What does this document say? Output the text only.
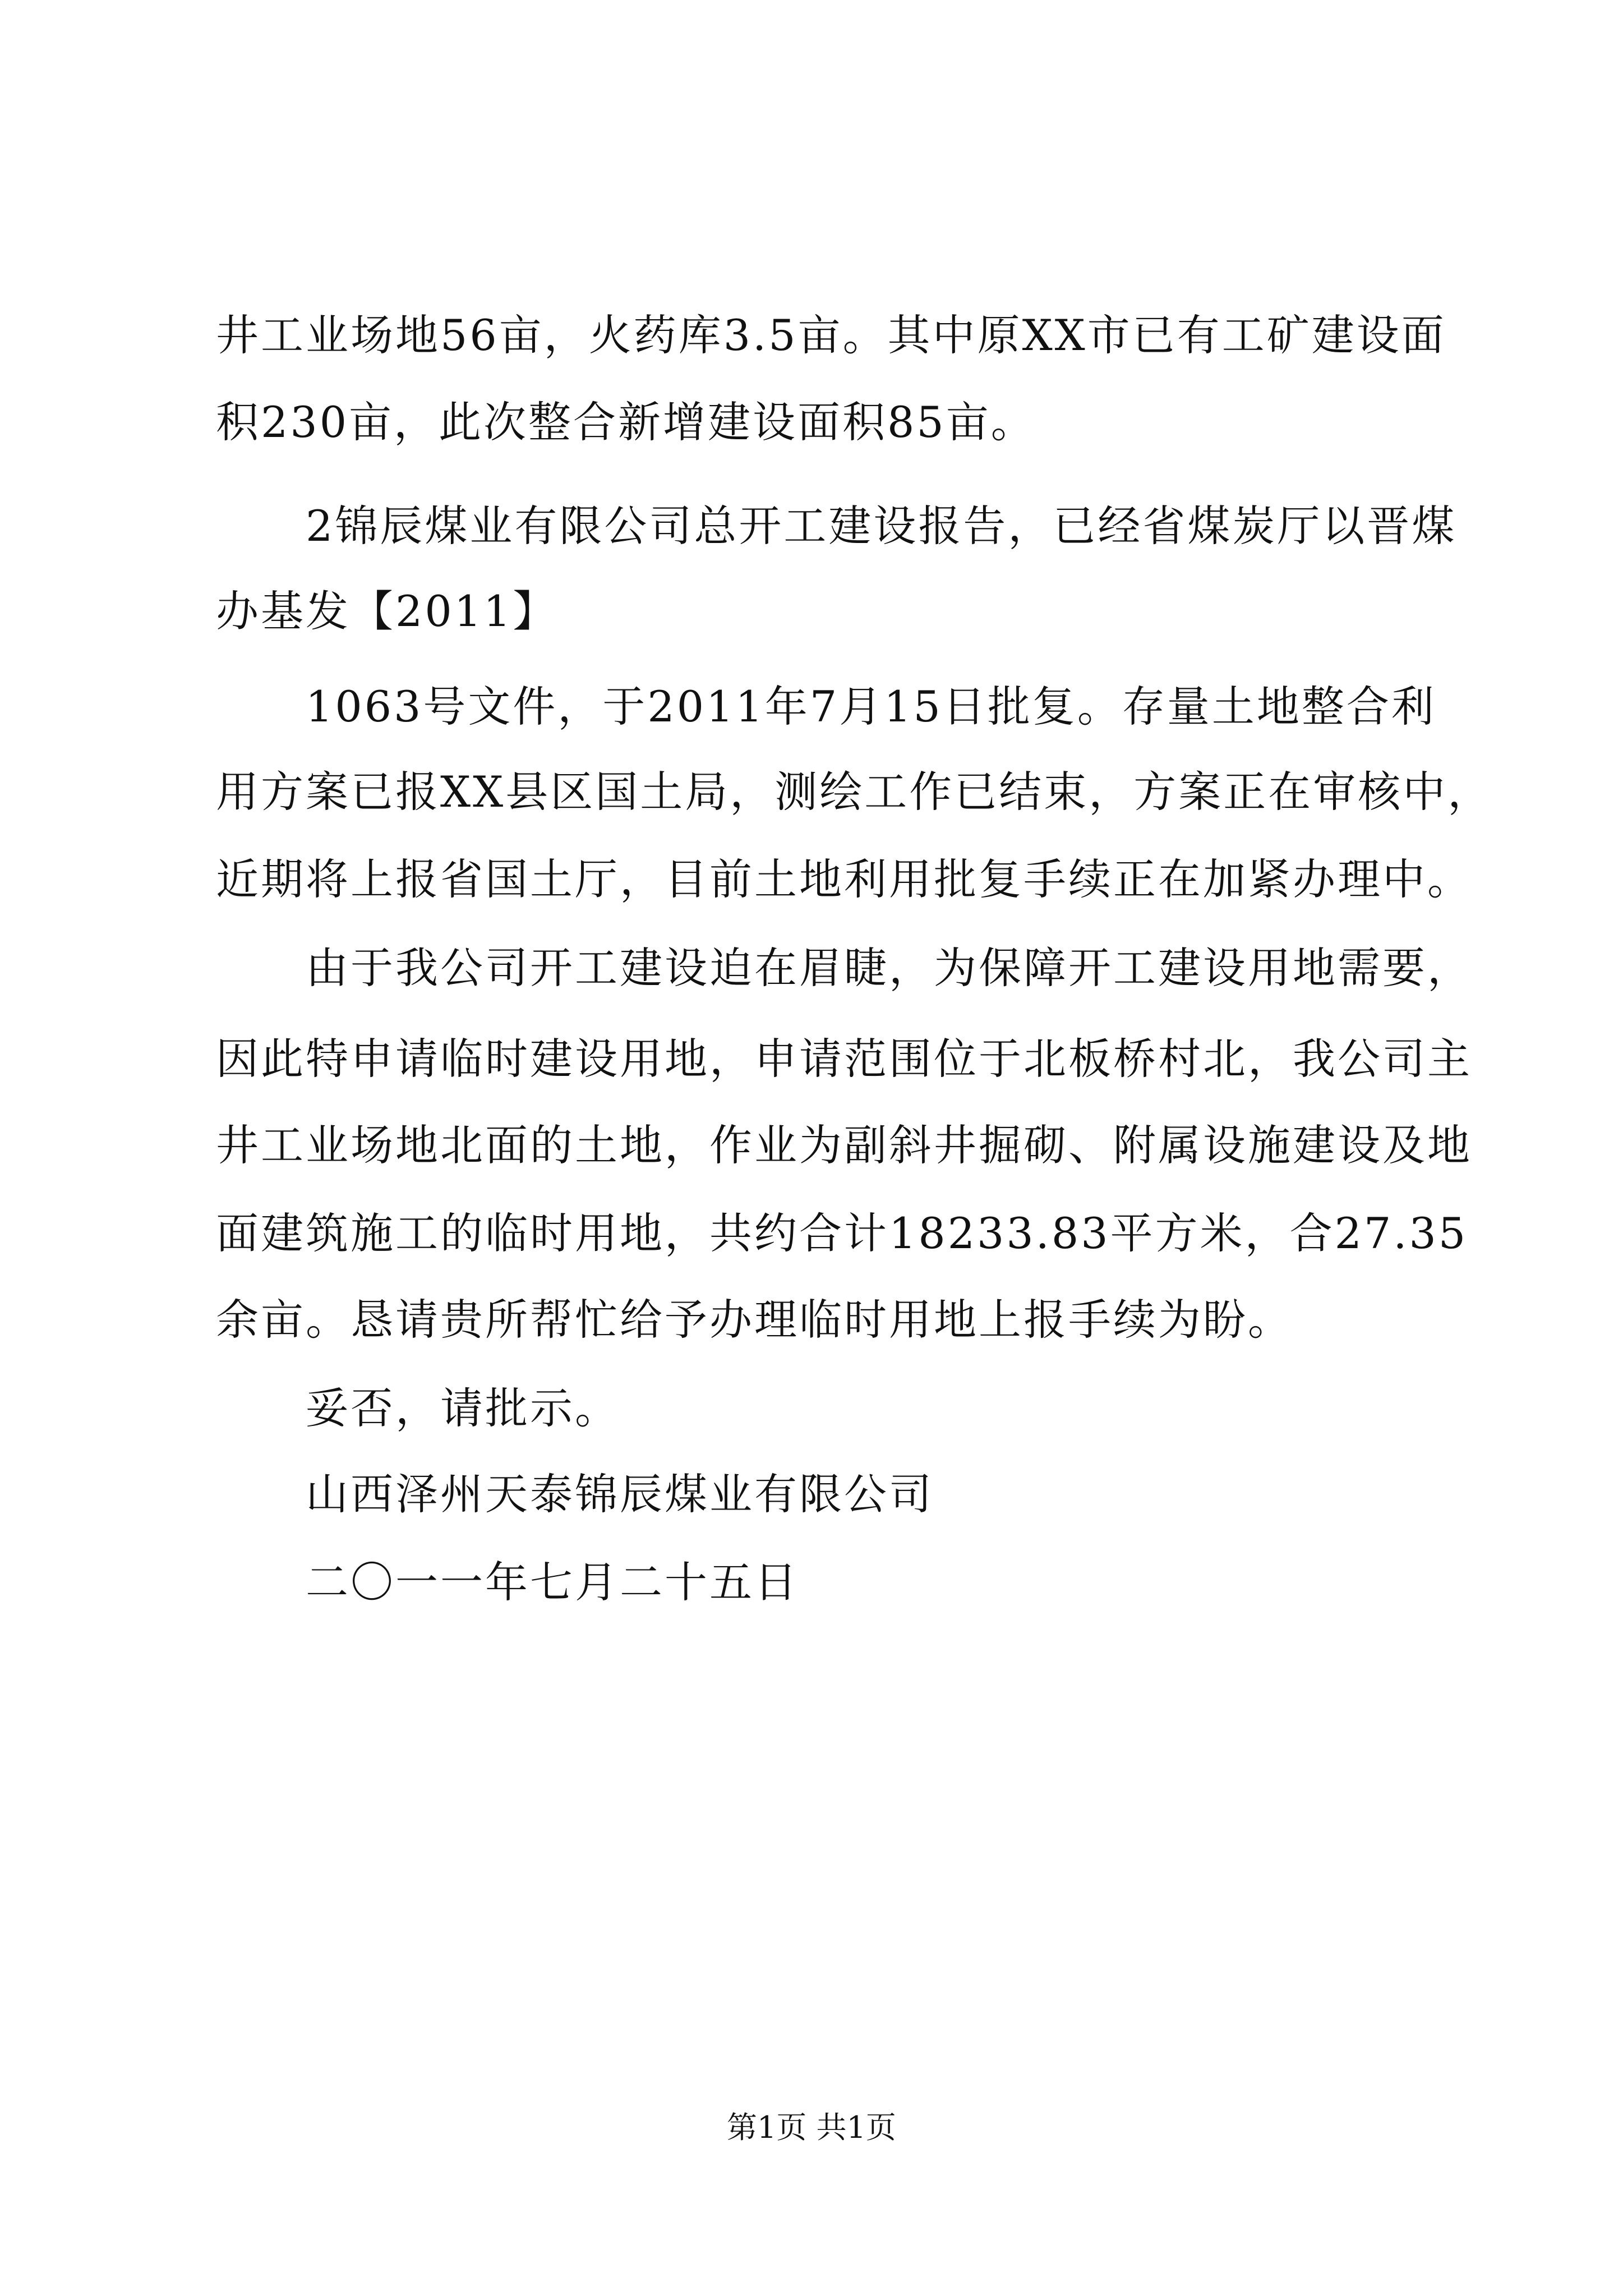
井工业场地56亩，火药库3.5亩。其中原XX市已有工矿建设面
积230亩，此次整合新增建设面积85亩。
2锦辰煤业有限公司总开工建设报告，已经省煤炭厅以晋煤
办基发【2011】
1063号文件，于2011年7月15日批复。存量土地整合利
用方案已报XX县区国土局，测绘工作已结束，方案正在审核中，
近期将上报省国土厅，目前土地利用批复手续正在加紧办理中。
由于我公司开工建设迫在眉睫，为保障开工建设用地需要，
因此特申请临时建设用地，申请范围位于北板桥村北，我公司主
井工业场地北面的土地，作业为副斜井掘砌、附属设施建设及地
面建筑施工的临时用地，共约合计18233.83平方米，合27.35
余亩。恳请贵所帮忙给予办理临时用地上报手续为盼。
妥否，请批示。
山西泽州天泰锦辰煤业有限公司
二〇一一年七月二十五日
第1页 共1页
